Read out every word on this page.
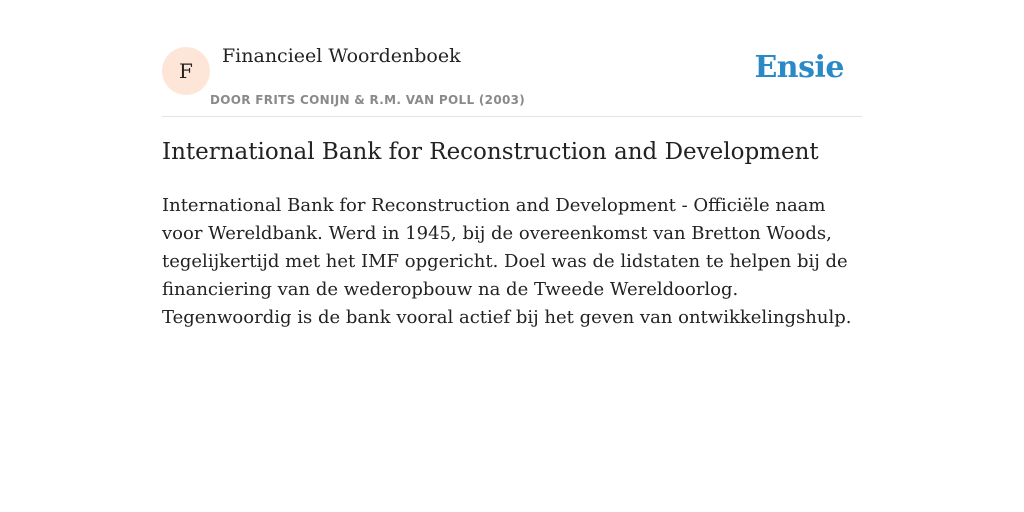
F
Financieel Woordenboek
DOOR FRITS CONIJN & R.M. VAN POLL (2003)
Ensie
International Bank for Reconstruction and Development

International Bank for Reconstruction and Development - Officiële naam voor Wereldbank. Werd in 1945, bij de overeenkomst van Bretton Woods, tegelijkertijd met het IMF opgericht. Doel was de lidstaten te helpen bij de financiering van de wederopbouw na de Tweede Wereldoorlog. Tegenwoordig is de bank vooral actief bij het geven van ontwikkelingshulp.
